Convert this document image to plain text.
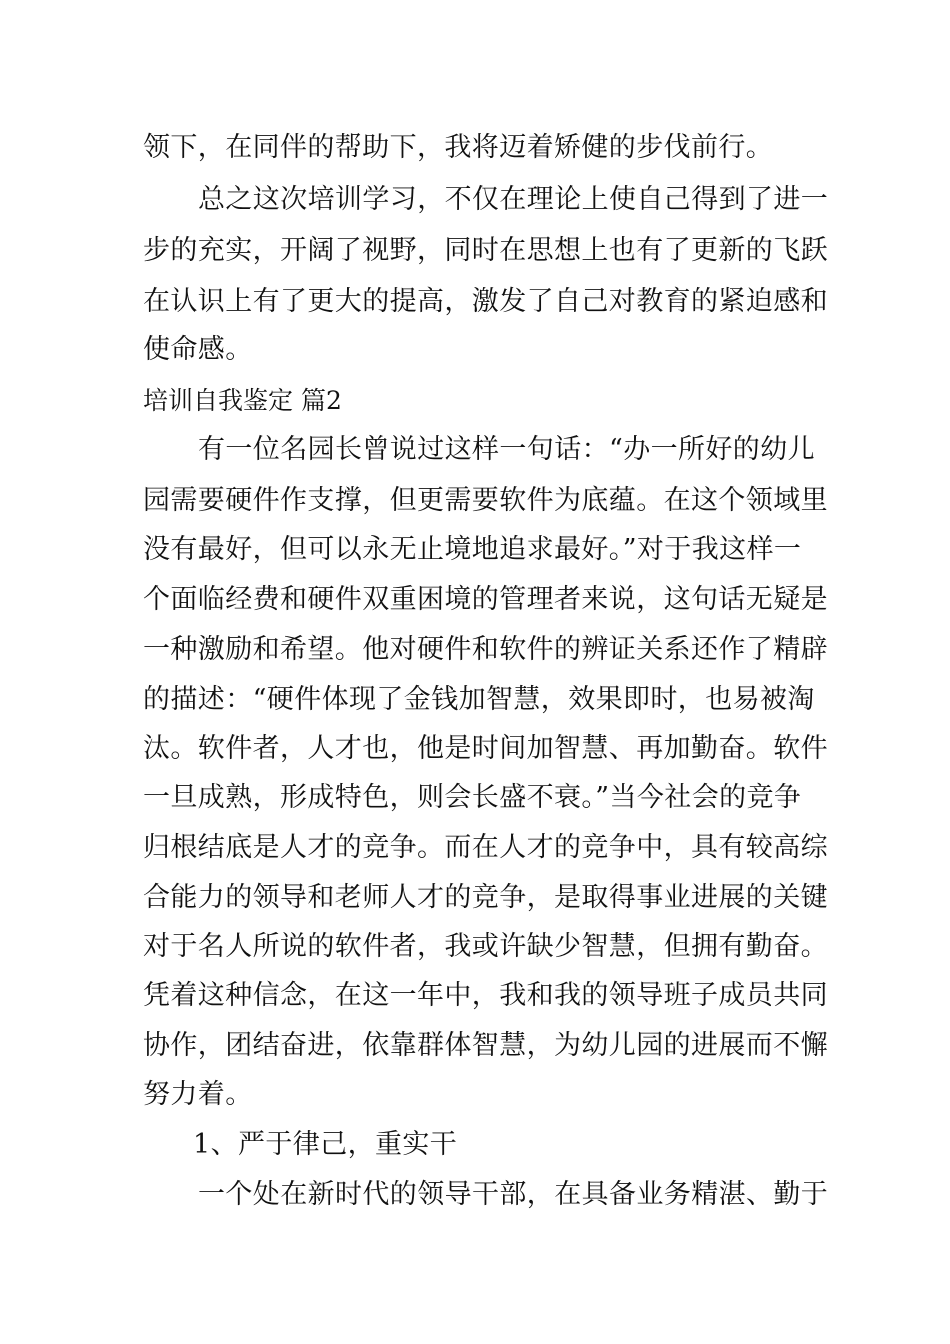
领下，在同伴的帮助下，我将迈着矫健的步伐前行。
总之这次培训学习，不仅在理论上使自己得到了进一
步的充实，开阔了视野，同时在思想上也有了更新的飞跃
在认识上有了更大的提高，激发了自己对教育的紧迫感和
使命感。
培训自我鉴定 篇2
有一位名园长曾说过这样一句话：“办一所好的幼儿
园需要硬件作支撑，但更需要软件为底蕴。在这个领域里
没有最好，但可以永无止境地追求最好。”对于我这样一
个面临经费和硬件双重困境的管理者来说，这句话无疑是
一种激励和希望。他对硬件和软件的辨证关系还作了精辟
的描述：“硬件体现了金钱加智慧，效果即时，也易被淘
汰。软件者，人才也，他是时间加智慧、再加勤奋。软件
一旦成熟，形成特色，则会长盛不衰。”当今社会的竞争
归根结底是人才的竞争。而在人才的竞争中，具有较高综
合能力的领导和老师人才的竞争，是取得事业进展的关键
对于名人所说的软件者，我或许缺少智慧，但拥有勤奋。
凭着这种信念，在这一年中，我和我的领导班子成员共同
协作，团结奋进，依靠群体智慧，为幼儿园的进展而不懈
努力着。
1、严于律己，重实干
一个处在新时代的领导干部，在具备业务精湛、勤于
